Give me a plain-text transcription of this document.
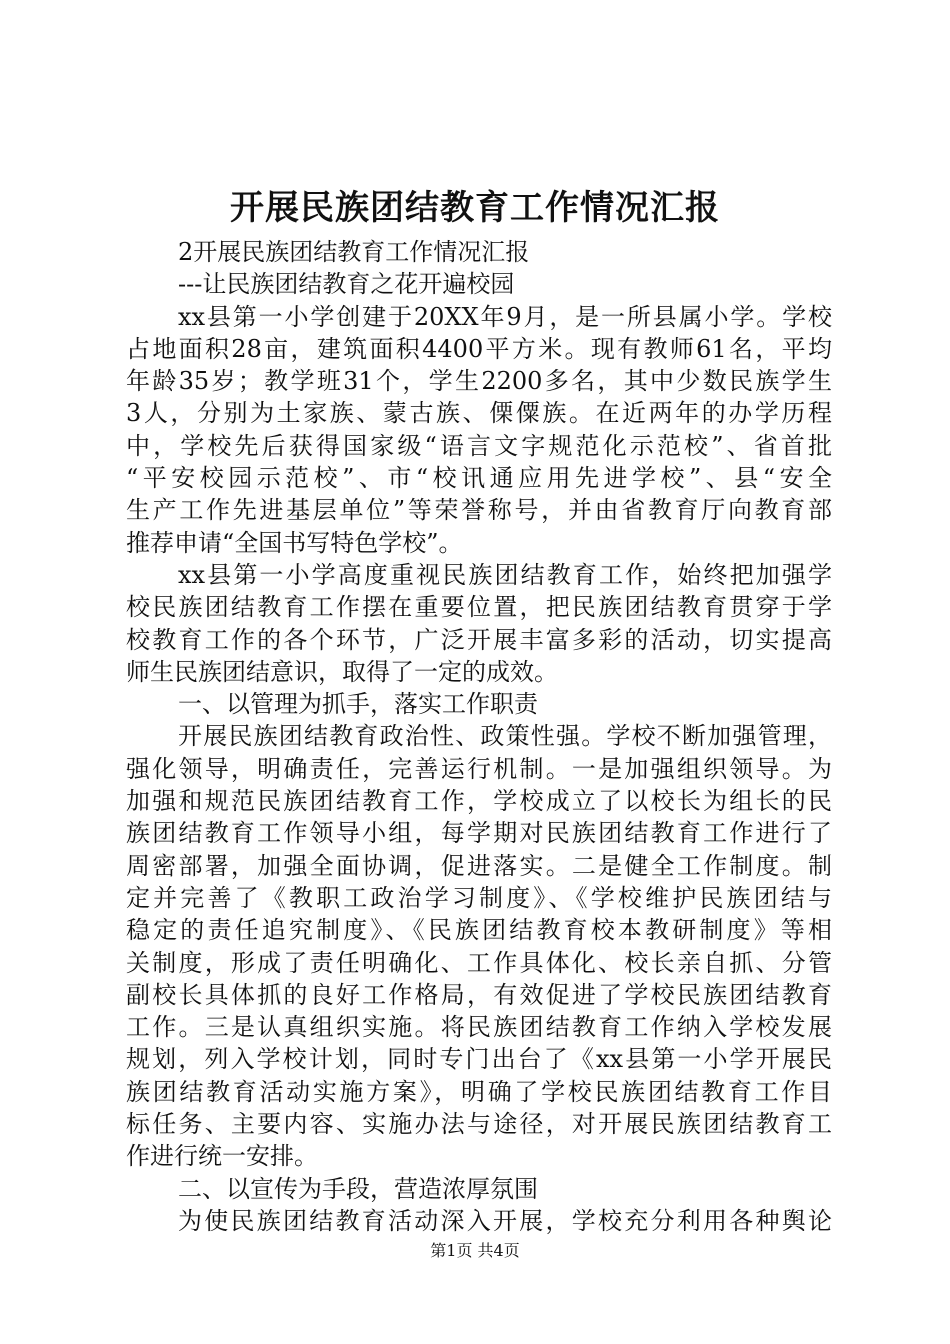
开展民族团结教育工作情况汇报
2开展民族团结教育工作情况汇报
---让民族团结教育之花开遍校园
xx县第一小学创建于20XX年9月，是一所县属小学。学校
占地面积28亩，建筑面积4400平方米。现有教师61名，平均
年龄35岁；教学班31个，学生2200多名，其中少数民族学生
3人，分别为土家族、蒙古族、傈僳族。在近两年的办学历程
中，学校先后获得国家级“语言文字规范化示范校”、省首批
“平安校园示范校”、市“校讯通应用先进学校”、县“安全
生产工作先进基层单位”等荣誉称号，并由省教育厅向教育部
推荐申请“全国书写特色学校”。
xx县第一小学高度重视民族团结教育工作，始终把加强学
校民族团结教育工作摆在重要位置，把民族团结教育贯穿于学
校教育工作的各个环节，广泛开展丰富多彩的活动，切实提高
师生民族团结意识，取得了一定的成效。
一、以管理为抓手，落实工作职责
开展民族团结教育政治性、政策性强。学校不断加强管理，
强化领导，明确责任，完善运行机制。一是加强组织领导。为
加强和规范民族团结教育工作，学校成立了以校长为组长的民
族团结教育工作领导小组，每学期对民族团结教育工作进行了
周密部署，加强全面协调，促进落实。二是健全工作制度。制
定并完善了《教职工政治学习制度》、《学校维护民族团结与
稳定的责任追究制度》、《民族团结教育校本教研制度》等相
关制度，形成了责任明确化、工作具体化、校长亲自抓、分管
副校长具体抓的良好工作格局，有效促进了学校民族团结教育
工作。三是认真组织实施。将民族团结教育工作纳入学校发展
规划，列入学校计划，同时专门出台了《xx县第一小学开展民
族团结教育活动实施方案》，明确了学校民族团结教育工作目
标任务、主要内容、实施办法与途径，对开展民族团结教育工
作进行统一安排。
二、以宣传为手段，营造浓厚氛围
为使民族团结教育活动深入开展，学校充分利用各种舆论
第1页 共4页
